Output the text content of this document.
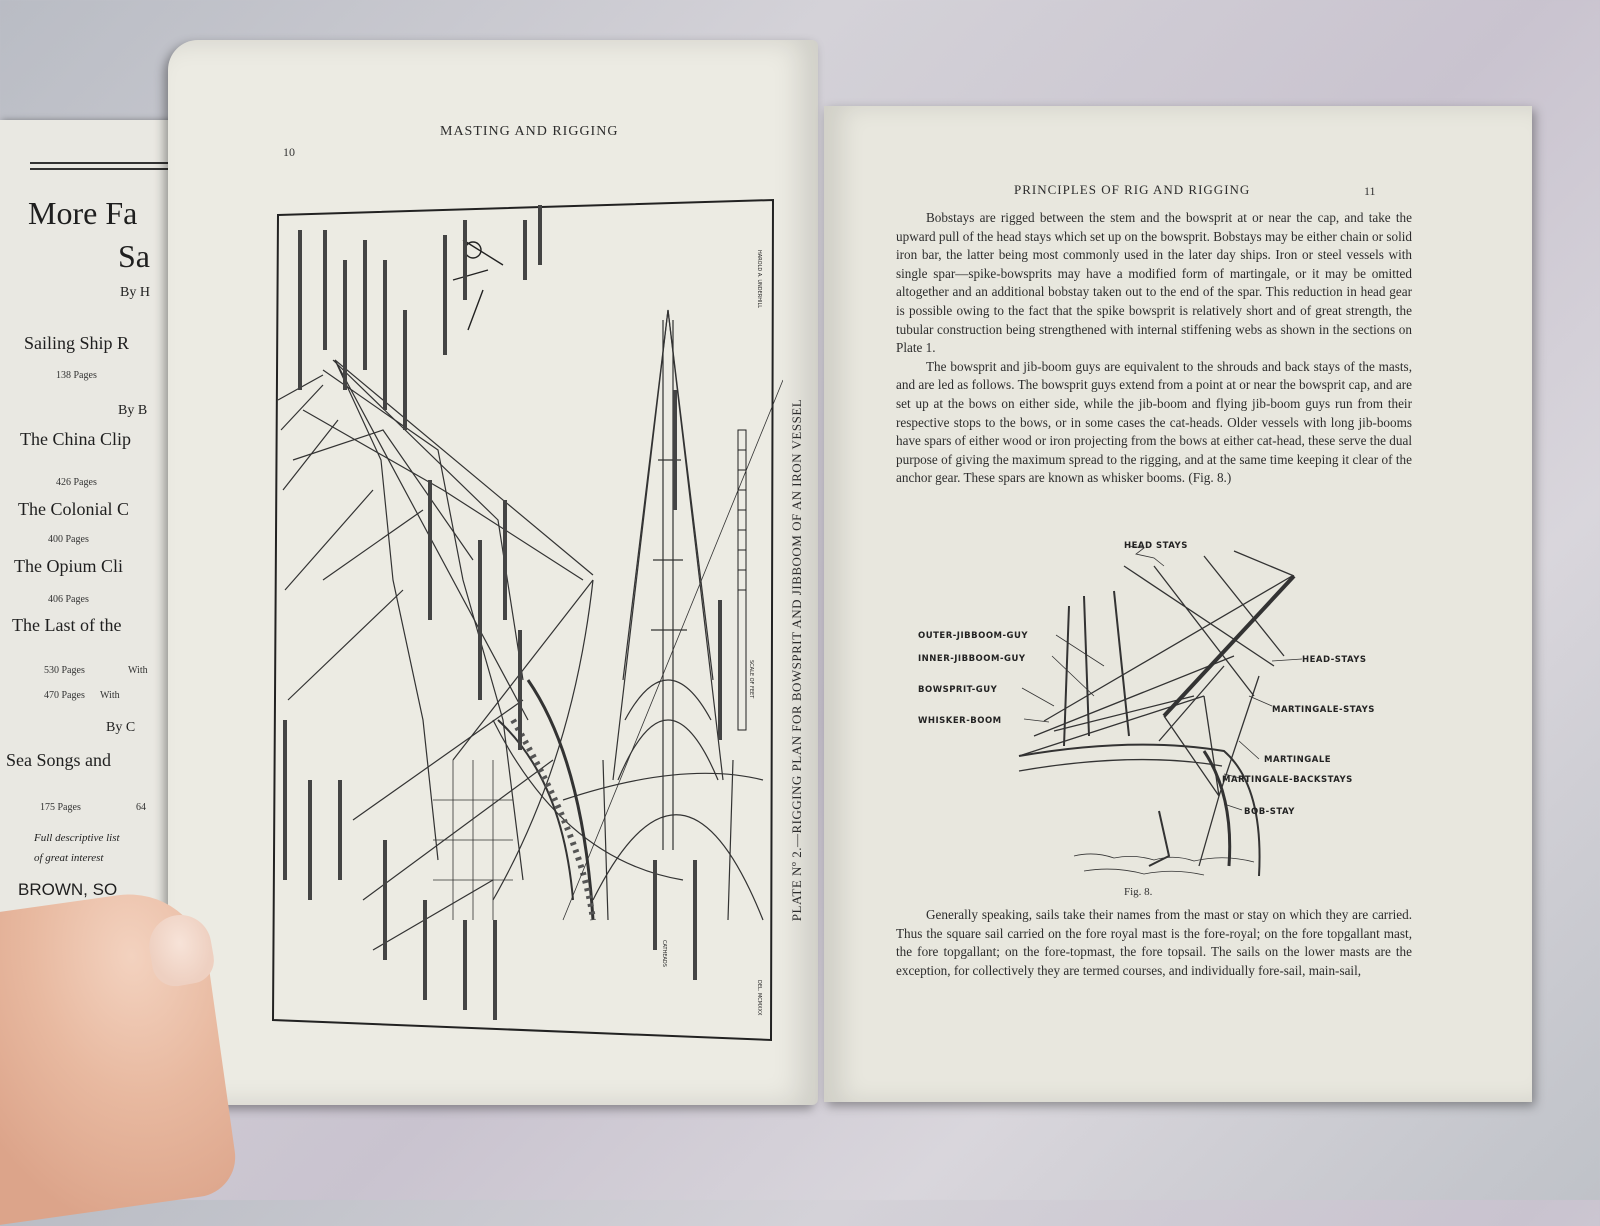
More Fa
Sa
By H
Sailing Ship R
138 Pages
By B
The China Clip
426 Pages
The Colonial C
400 Pages
The Opium Cli
406 Pages
The Last of the
530 Pages	With
470 Pages With
By C
Sea Songs and
175 Pages	64
Full descriptive list
of great interest
BROWN, SO
10
MASTING AND RIGGING
SCALE OF FEET
HAROLD A. UNDERHILL
DEL. MCMXXX
CATHEADS
PLATE Nº 2.—RIGGING PLAN FOR BOWSPRIT AND JIBBOOM OF AN IRON VESSEL
PRINCIPLES OF RIG AND RIGGING	11

Bobstays are rigged between the stem and the bowsprit at or near the cap, and take the upward pull of the head stays which set up on the bowsprit. Bobstays may be either chain or solid iron bar, the latter being most commonly used in the later day ships. Iron or steel vessels with single spar—spike-bowsprits may have a modified form of martingale, or it may be omitted altogether and an additional bobstay taken out to the end of the spar. This reduction in head gear is possible owing to the fact that the spike bowsprit is relatively short and of great strength, the tubular construction being strengthened with internal stiffening webs as shown in the sections on Plate 1.

The bowsprit and jib-boom guys are equivalent to the shrouds and back stays of the masts, and are led as follows. The bowsprit guys extend from a point at or near the bowsprit cap, and are set up at the bows on either side, while the jib-boom and flying jib-boom guys run from their respective stops to the bows, or in some cases the cat-heads. Older vessels with long jib-booms have spars of either wood or iron projecting from the bows at either cat-head, these serve the dual purpose of giving the maximum spread to the rigging, and at the same time keeping it clear of the anchor gear. These spars are known as whisker booms. (Fig. 8.)

HEAD STAYS
OUTER-JIBBOOM-GUY
INNER-JIBBOOM-GUY
BOWSPRIT-GUY
WHISKER-BOOM
HEAD-STAYS
MARTINGALE-STAYS
MARTINGALE
MARTINGALE-BACKSTAYS
BOB-STAY
Fig. 8.

Generally speaking, sails take their names from the mast or stay on which they are carried. Thus the square sail carried on the fore royal mast is the fore-royal; on the fore topgallant mast, the fore topgallant; on the fore-topmast, the fore topsail. The sails on the lower masts are the exception, for collectively they are termed courses, and individually fore-sail, main-sail,
